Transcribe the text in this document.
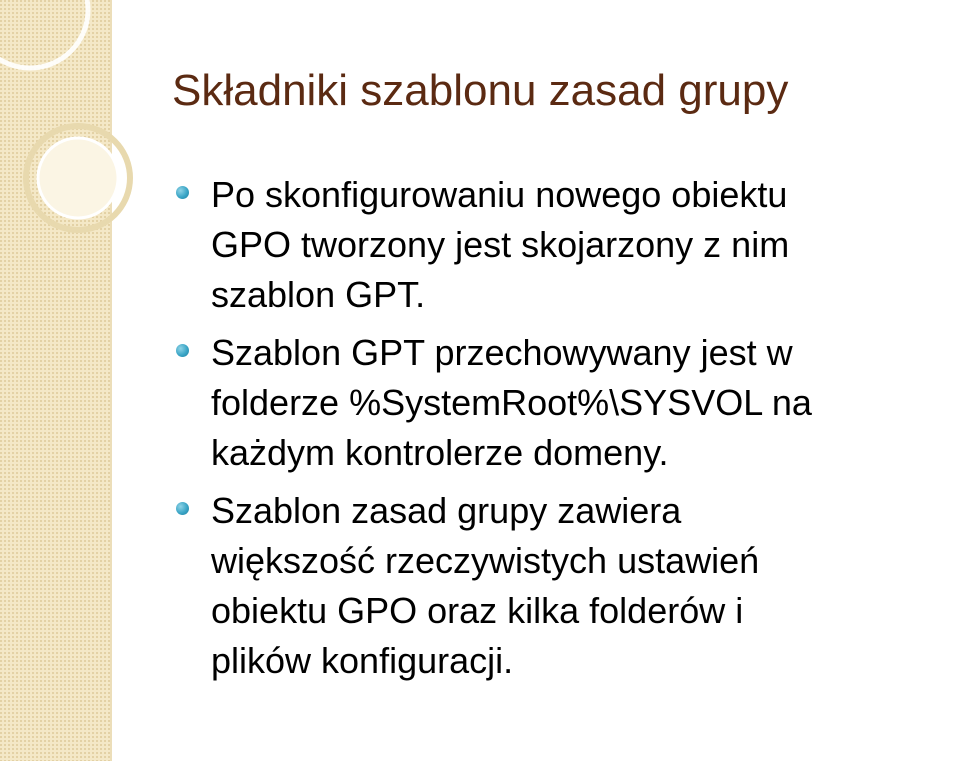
Składniki szablonu zasad grupy
Po skonfigurowaniu nowego obiektu
GPO tworzony jest skojarzony z nim
szablon GPT.
Szablon GPT przechowywany jest w
folderze %SystemRoot%\SYSVOL na
każdym kontrolerze domeny.
Szablon zasad grupy zawiera
większość rzeczywistych ustawień
obiektu GPO oraz kilka folderów i
plików konfiguracji.
